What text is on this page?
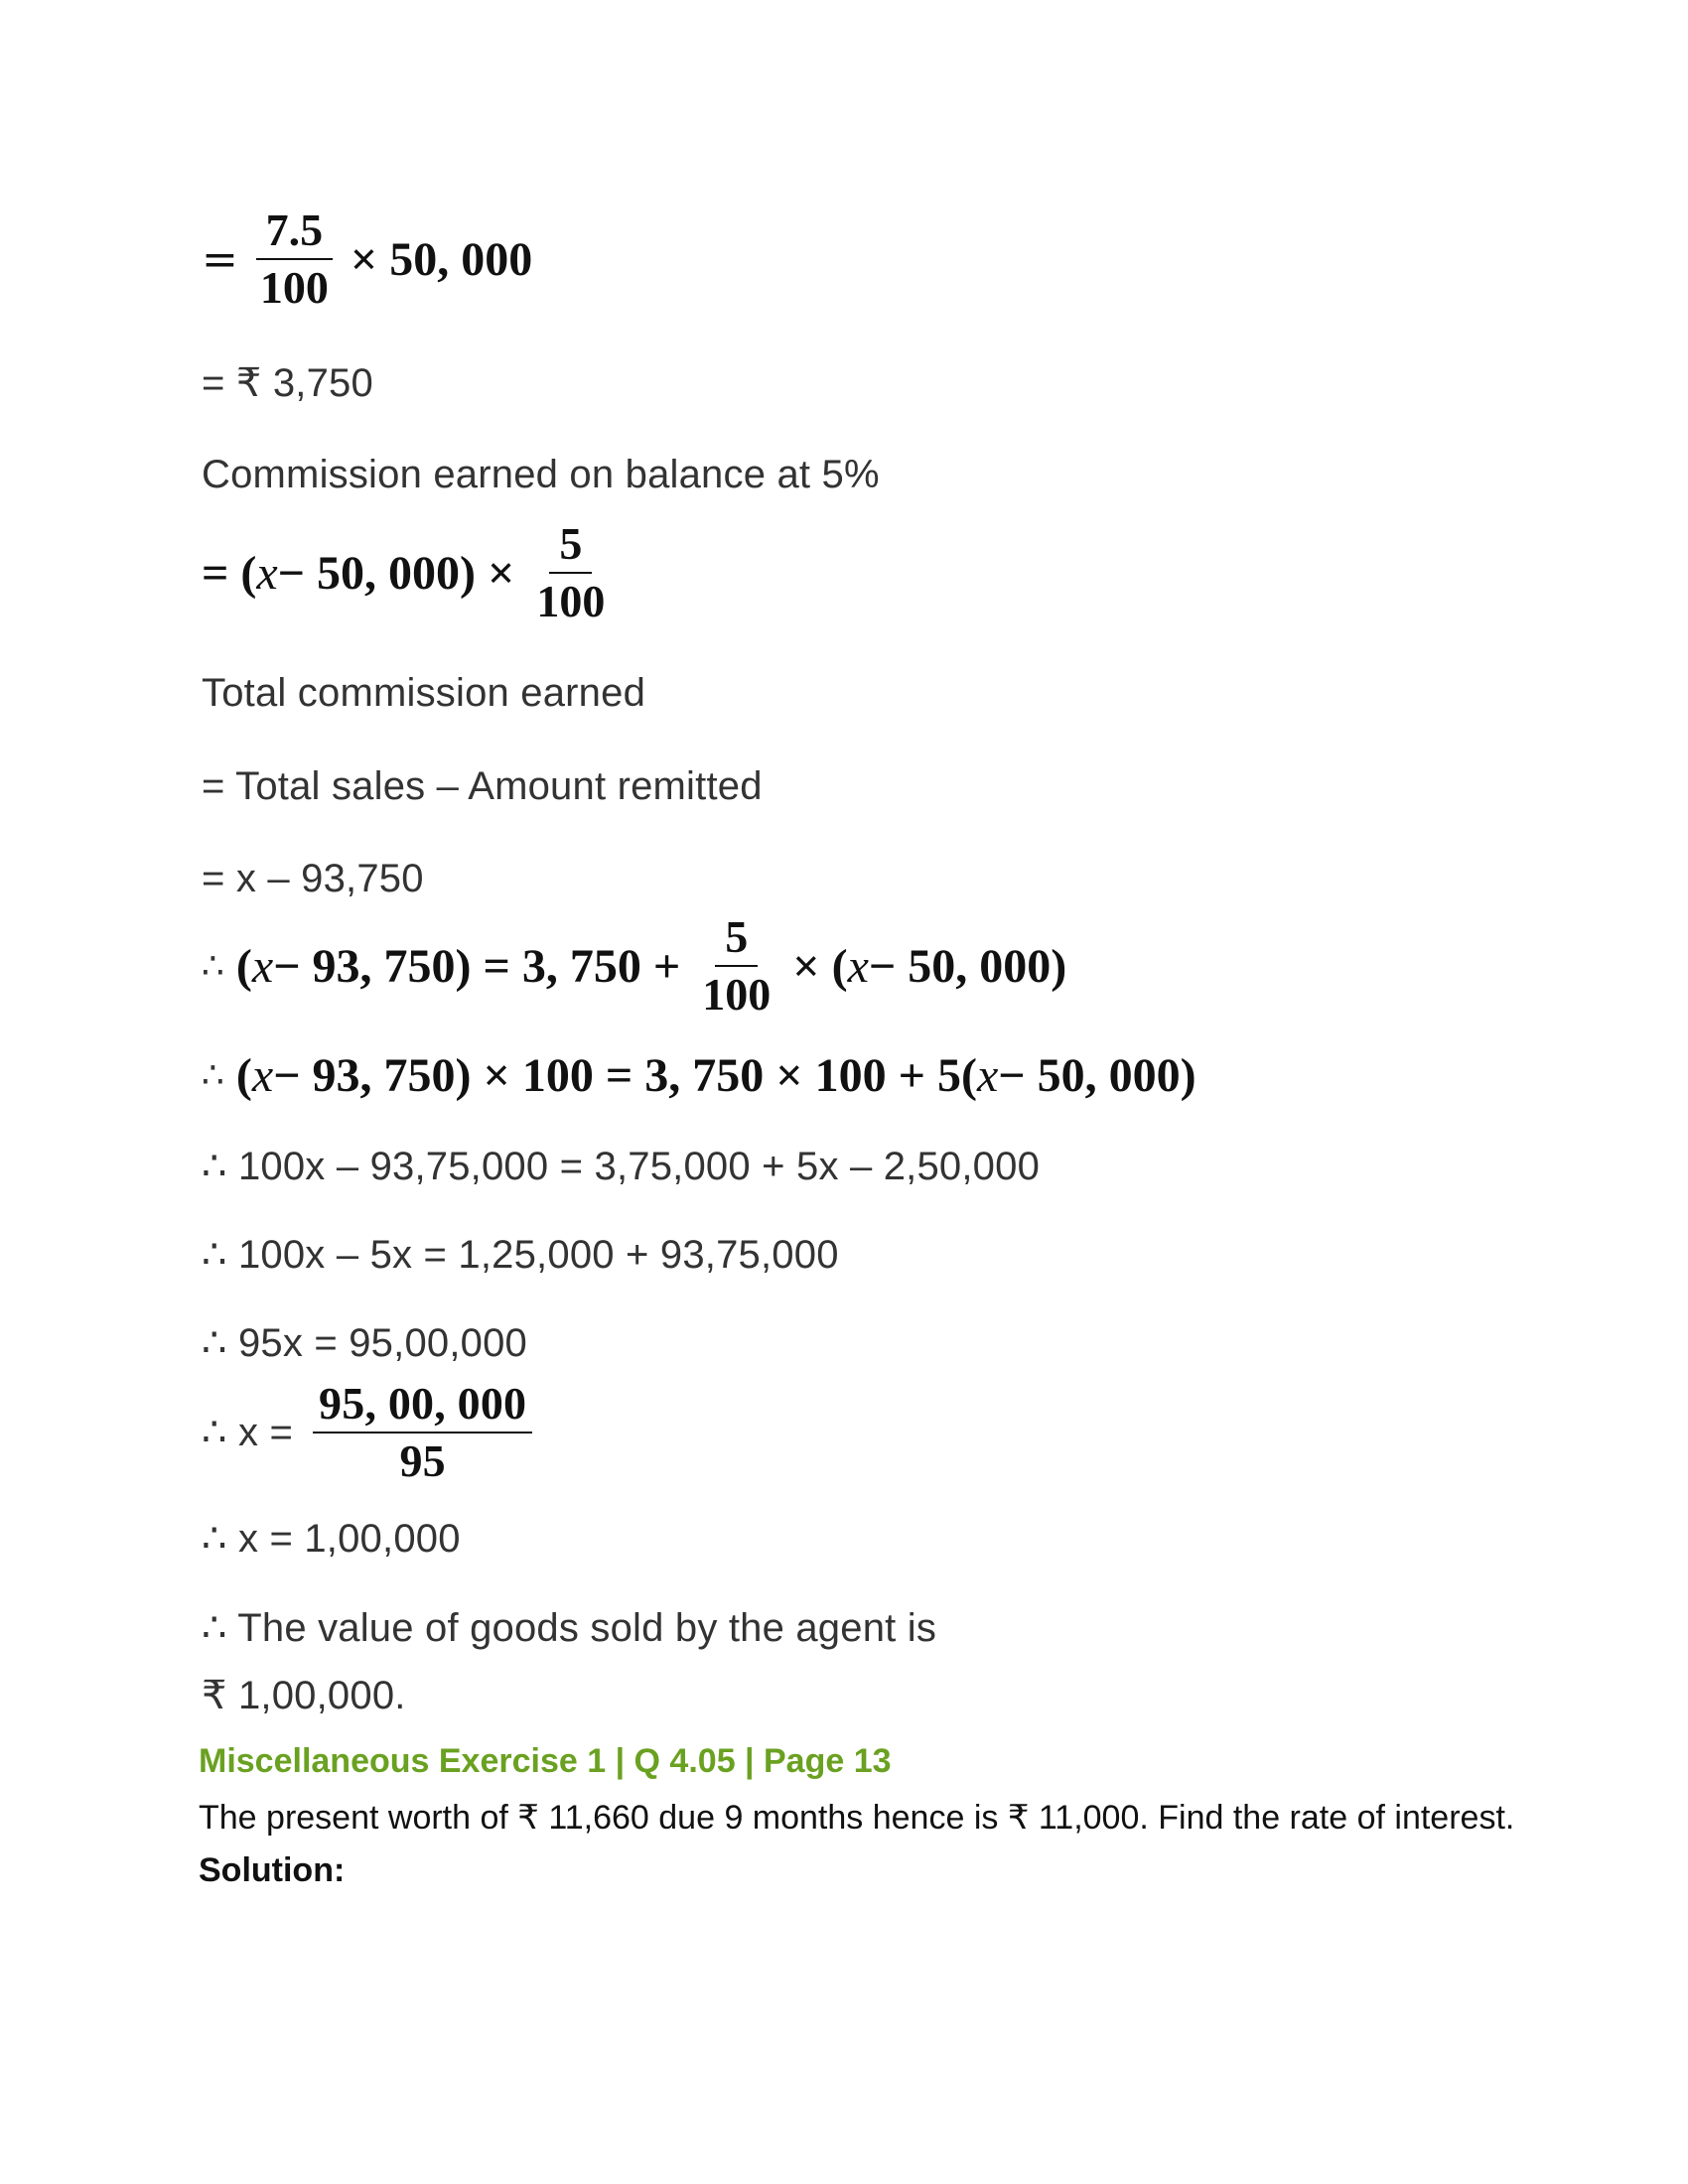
= $\frac{7.5}{100} \times 50$, 000
= ₹ 3,750
Commission earned on balance at 5%
= ( x − 50, $000) \times \frac{5}{100}$
Total commission earned
= Total sales – Amount remitted
= x – 93,750
∴ ( x − 93, 750) = 3, $750 + \frac{5}{100}$ × ( x − 50, 000)
∴ ( x − 93, 750) × 100 = 3, 750 × 100 + 5( x − 50, 000)
∴ 100x – 93,75,000 = 3,75,000 + 5x – 2,50,000
∴ 100x – 5x = 1,25,000 + 93,75,000
∴ 95x = 95,00,000
∴ $x = \frac{95, 00, 000}{95}$
∴ x = 1,00,000
∴ The value of goods sold by the agent is
₹ 1,00,000.
Miscellaneous Exercise 1 | Q 4.05 | Page 13
The present worth of ₹ 11,660 due 9 months hence is ₹ 11,000. Find the rate of interest.
Solution:
